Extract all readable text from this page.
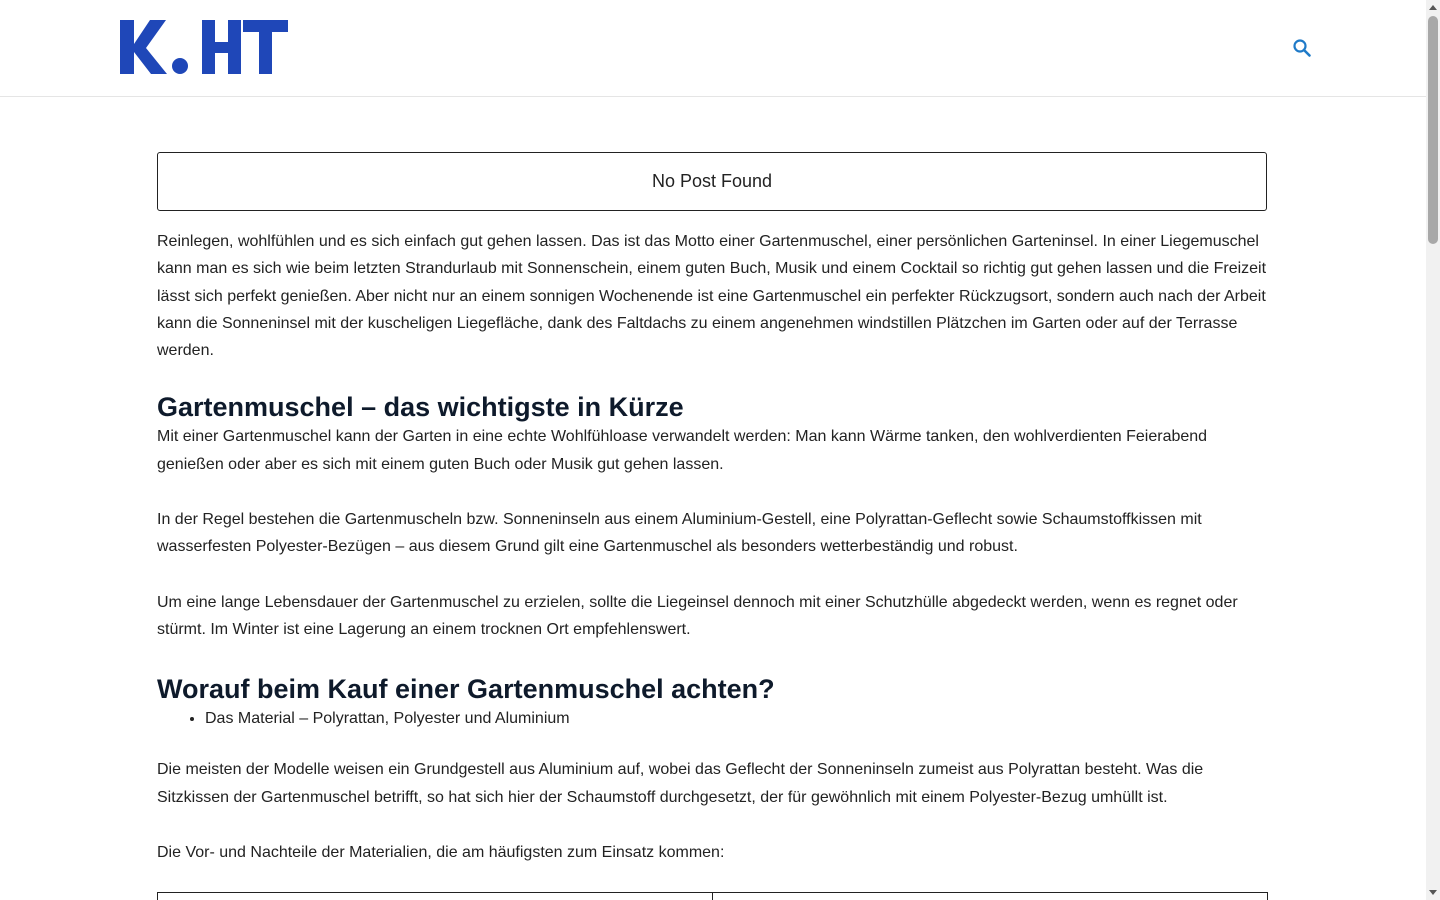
No Post Found

Reinlegen, wohlfühlen und es sich einfach gut gehen lassen. Das ist das Motto einer Gartenmuschel, einer persönlichen Garteninsel. In einer Liegemuschel kann man es sich wie beim letzten Strandurlaub mit Sonnenschein, einem guten Buch, Musik und einem Cocktail so richtig gut gehen lassen und die Freizeit lässt sich perfekt genießen. Aber nicht nur an einem sonnigen Wochenende ist eine Gartenmuschel ein perfekter Rückzugsort, sondern auch nach der Arbeit kann die Sonneninsel mit der kuscheligen Liegefläche, dank des Faltdachs zu einem angenehmen windstillen Plätzchen im Garten oder auf der Terrasse werden.

Gartenmuschel – das wichtigste in Kürze

Mit einer Gartenmuschel kann der Garten in eine echte Wohlfühloase verwandelt werden: Man kann Wärme tanken, den wohlverdienten Feierabend genießen oder aber es sich mit einem guten Buch oder Musik gut gehen lassen.

In der Regel bestehen die Gartenmuscheln bzw. Sonneninseln aus einem Aluminium-Gestell, eine Polyrattan-Geflecht sowie Schaumstoffkissen mit wasserfesten Polyester-Bezügen – aus diesem Grund gilt eine Gartenmuschel als besonders wetterbeständig und robust.

Um eine lange Lebensdauer der Gartenmuschel zu erzielen, sollte die Liegeinsel dennoch mit einer Schutzhülle abgedeckt werden, wenn es regnet oder stürmt. Im Winter ist eine Lagerung an einem trocknen Ort empfehlenswert.

Worauf beim Kauf einer Gartenmuschel achten?
• Das Material – Polyrattan, Polyester und Aluminium

Die meisten der Modelle weisen ein Grundgestell aus Aluminium auf, wobei das Geflecht der Sonneninseln zumeist aus Polyrattan besteht. Was die Sitzkissen der Gartenmuschel betrifft, so hat sich hier der Schaumstoff durchgesetzt, der für gewöhnlich mit einem Polyester-Bezug umhüllt ist.

Die Vor- und Nachteile der Materialien, die am häufigsten zum Einsatz kommen:
